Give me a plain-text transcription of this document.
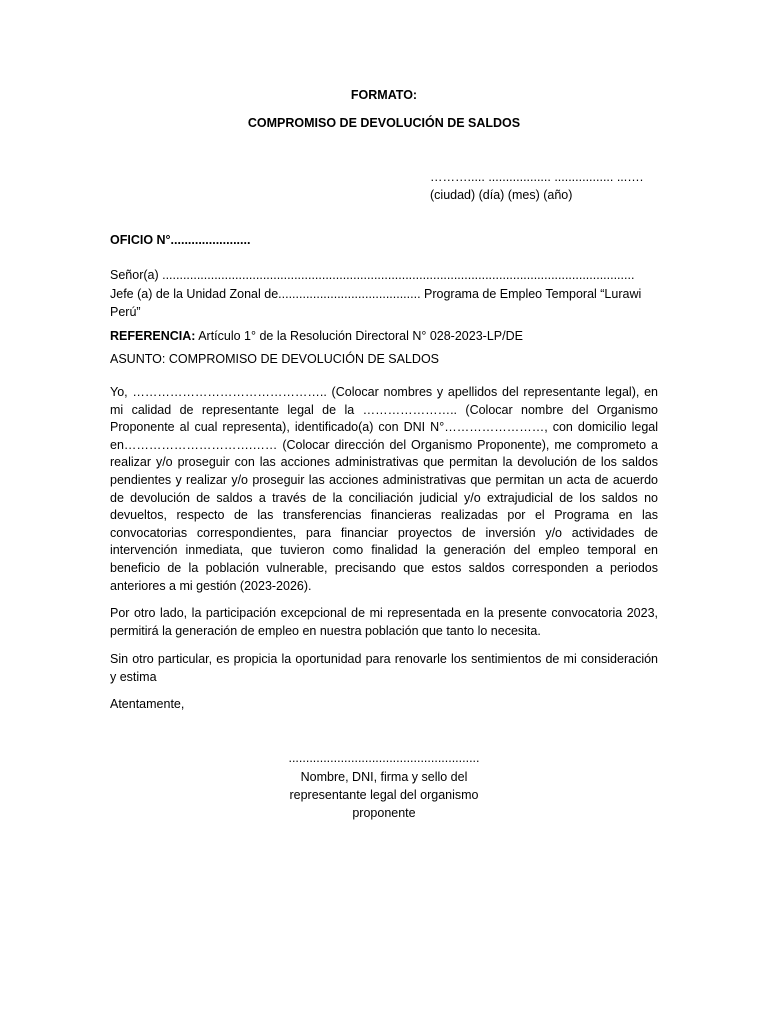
FORMATO:
COMPROMISO DE DEVOLUCIÓN DE SALDOS
………..... .................. ................. ...….
(ciudad) (día) (mes) (año)
OFICIO N°.......................
Señor(a) ........................................................................................................................................
Jefe (a) de la Unidad Zonal de......................................... Programa de Empleo Temporal “Lurawi Perú”
REFERENCIA: Artículo 1° de la Resolución Directoral N° 028-2023-LP/DE
ASUNTO: COMPROMISO DE DEVOLUCIÓN DE SALDOS
Yo, ……………………………………….. (Colocar nombres y apellidos del representante legal), en mi calidad de representante legal de la ………………….. (Colocar nombre del Organismo Proponente al cual representa), identificado(a) con DNI N°……………………, con domicilio legal en………………………….…… (Colocar dirección del Organismo Proponente), me comprometo a realizar y/o proseguir con las acciones administrativas que permitan la devolución de los saldos pendientes y realizar y/o proseguir las acciones administrativas que permitan un acta de acuerdo de devolución de saldos a través de la conciliación judicial y/o extrajudicial de los saldos no devueltos, respecto de las transferencias financieras realizadas por el Programa en las convocatorias correspondientes, para financiar proyectos de inversión y/o actividades de intervención inmediata, que tuvieron como finalidad la generación del empleo temporal en beneficio de la población vulnerable, precisando que estos saldos corresponden a periodos anteriores a mi gestión (2023-2026).
Por otro lado, la participación excepcional de mi representada en la presente convocatoria 2023, permitirá la generación de empleo en nuestra población que tanto lo necesita.
Sin otro particular, es propicia la oportunidad para renovarle los sentimientos de mi consideración y estima
Atentamente,
.......................................................
Nombre, DNI, firma y sello del
representante legal del organismo
proponente
